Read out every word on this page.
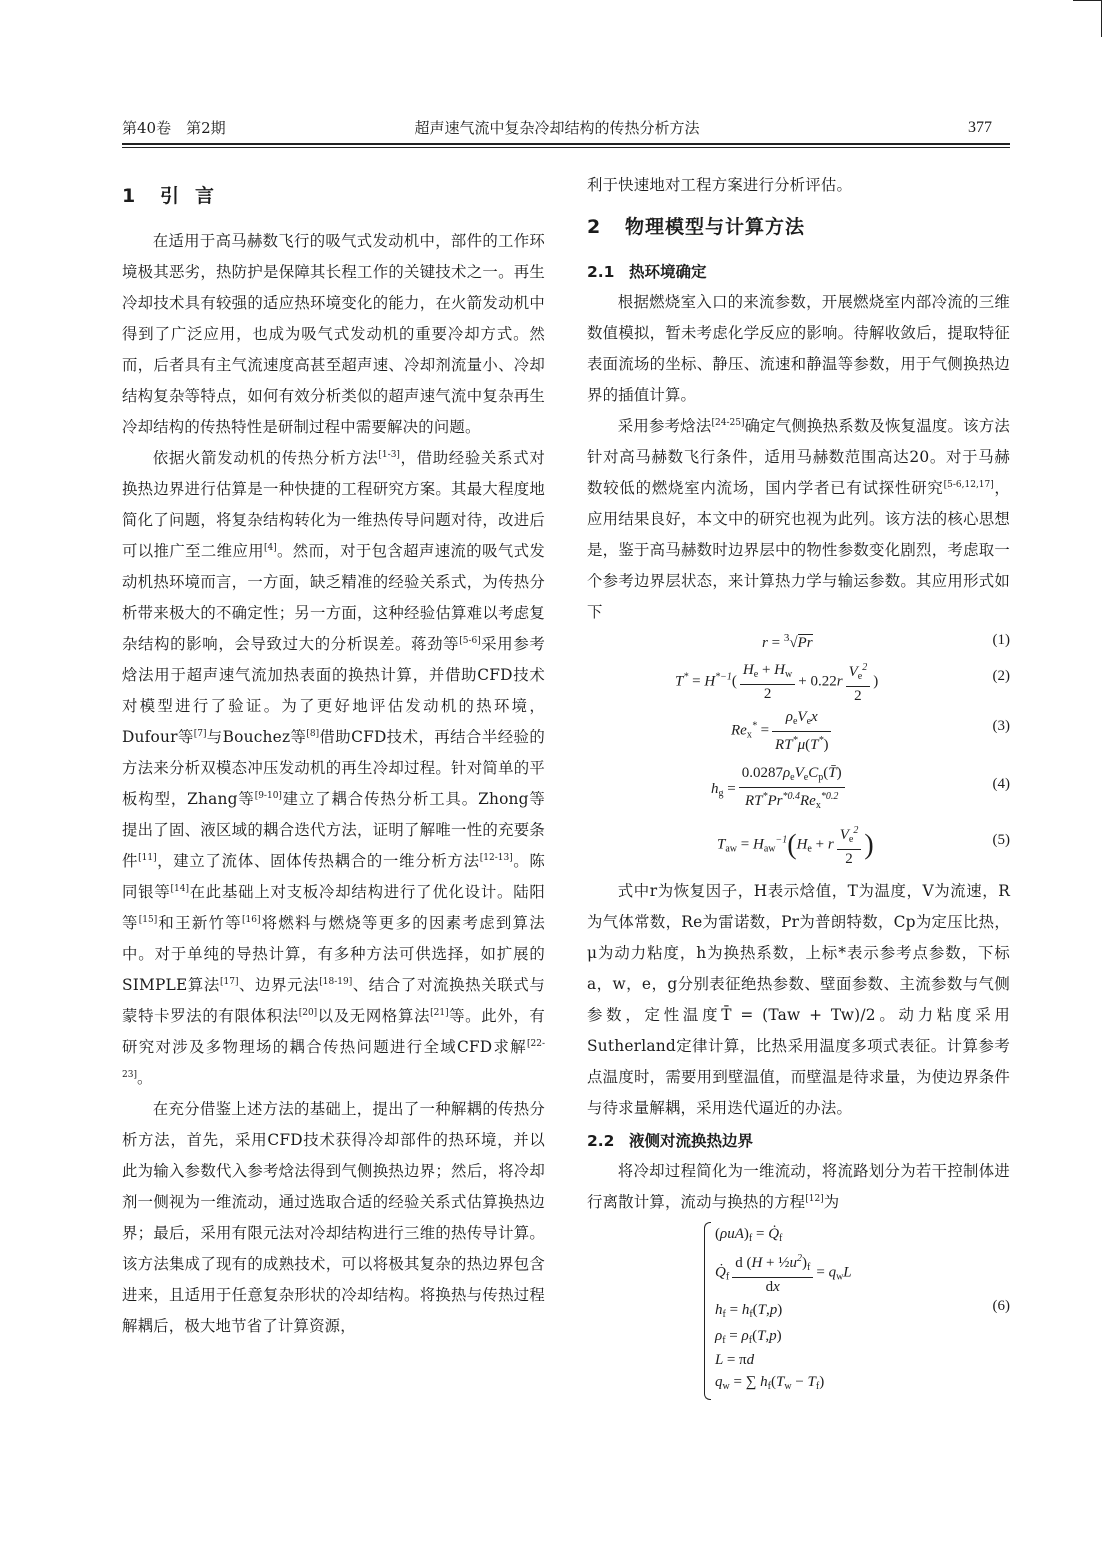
第40卷　第2期	超声速气流中复杂冷却结构的传热分析方法	377
1 引言

在适用于高马赫数飞行的吸气式发动机中，部件的工作环境极其恶劣，热防护是保障其长程工作的关键技术之一。再生冷却技术具有较强的适应热环境变化的能力，在火箭发动机中得到了广泛应用，也成为吸气式发动机的重要冷却方式。然而，后者具有主气流速度高甚至超声速、冷却剂流量小、冷却结构复杂等特点，如何有效分析类似的超声速气流中复杂再生冷却结构的传热特性是研制过程中需要解决的问题。

依据火箭发动机的传热分析方法[1-3]，借助经验关系式对换热边界进行估算是一种快捷的工程研究方案。其最大程度地简化了问题，将复杂结构转化为一维热传导问题对待，改进后可以推广至二维应用[4]。然而，对于包含超声速流的吸气式发动机热环境而言，一方面，缺乏精准的经验关系式，为传热分析带来极大的不确定性；另一方面，这种经验估算难以考虑复杂结构的影响，会导致过大的分析误差。蒋劲等[5-6]采用参考焓法用于超声速气流加热表面的换热计算，并借助CFD技术对模型进行了验证。为了更好地评估发动机的热环境，Dufour等[7]与Bouchez等[8]借助CFD技术，再结合半经验的方法来分析双模态冲压发动机的再生冷却过程。针对简单的平板构型，Zhang等[9-10]建立了耦合传热分析工具。Zhong等提出了固、液区域的耦合迭代方法，证明了解唯一性的充要条件[11]，建立了流体、固体传热耦合的一维分析方法[12-13]。陈同银等[14]在此基础上对支板冷却结构进行了优化设计。陆阳等[15]和王新竹等[16]将燃料与燃烧等更多的因素考虑到算法中。对于单纯的导热计算，有多种方法可供选择，如扩展的SIMPLE算法[17]、边界元法[18-19]、结合了对流换热关联式与蒙特卡罗法的有限体积法[20]以及无网格算法[21]等。此外，有研究对涉及多物理场的耦合传热问题进行全域CFD求解[22-23]。

在充分借鉴上述方法的基础上，提出了一种解耦的传热分析方法，首先，采用CFD技术获得冷却部件的热环境，并以此为输入参数代入参考焓法得到气侧换热边界；然后，将冷却剂一侧视为一维流动，通过选取合适的经验关系式估算换热边界；最后，采用有限元法对冷却结构进行三维的热传导计算。该方法集成了现有的成熟技术，可以将极其复杂的热边界包含进来，且适用于任意复杂形状的冷却结构。将换热与传热过程解耦后，极大地节省了计算资源，

利于快速地对工程方案进行分析评估。

2 物理模型与计算方法
2.1 热环境确定

根据燃烧室入口的来流参数，开展燃烧室内部冷流的三维数值模拟，暂未考虑化学反应的影响。待解收敛后，提取特征表面流场的坐标、静压、流速和静温等参数，用于气侧换热边界的插值计算。

采用参考焓法[24-25]确定气侧换热系数及恢复温度。该方法针对高马赫数飞行条件，适用马赫数范围高达20。对于马赫数较低的燃烧室内流场，国内学者已有试探性研究[5-6,12,17]，应用结果良好，本文中的研究也视为此列。该方法的核心思想是，鉴于高马赫数时边界层中的物性参数变化剧烈，考虑取一个参考边界层状态，来计算热力学与输运参数。其应用形式如下

r = $^3$√Pr	(1)
$T^* = H^{*-1}( \frac{H_e + H_w}{2} + 0.22r \frac{V_e^2}{2}$ )	(2)
$Re_x^* = \frac{\rho_eV_ex}{RT^*\mu(T^*)}$	(3)
$h_g = \frac{0.0287\rho_eV_eC_p(T̄)}{RT^*Pr^{*0.4}Re_x^{*0.2}}$	(4)
$T_{aw} = H_{aw}^{-1}(H_e + r \frac{V_e^2}{2}$ )	(5)

式中r为恢复因子，H表示焓值，T为温度，V为流速，R为气体常数，Re为雷诺数，Pr为普朗特数，Cp为定压比热，μ为动力粘度，h为换热系数，上标*表示参考点参数，下标a，w，e，g分别表征绝热参数、壁面参数、主流参数与气侧参数，定性温度T̄ = (Taw + Tw)/2。动力粘度采用Sutherland定律计算，比热采用温度多项式表征。计算参考点温度时，需要用到壁温值，而壁温是待求量，为使边界条件与待求量解耦，采用迭代逼近的办法。

2.2 液侧对流换热边界

将冷却过程简化为一维流动，将流路划分为若干控制体进行离散计算，流动与换热的方程[12]为

$(\rho uA)_f$ = $Q̇_f$
$Q̇_f \frac{d (H + \frac{1}{2}u^2)_f}{dx} = q_wL$
$h_f = h_f(T,p)$
$\rho_f = \rho_f(T,p)$
L = πd
$q_w$ = ∑ $h_f(T_w - T_f)$
(6)
